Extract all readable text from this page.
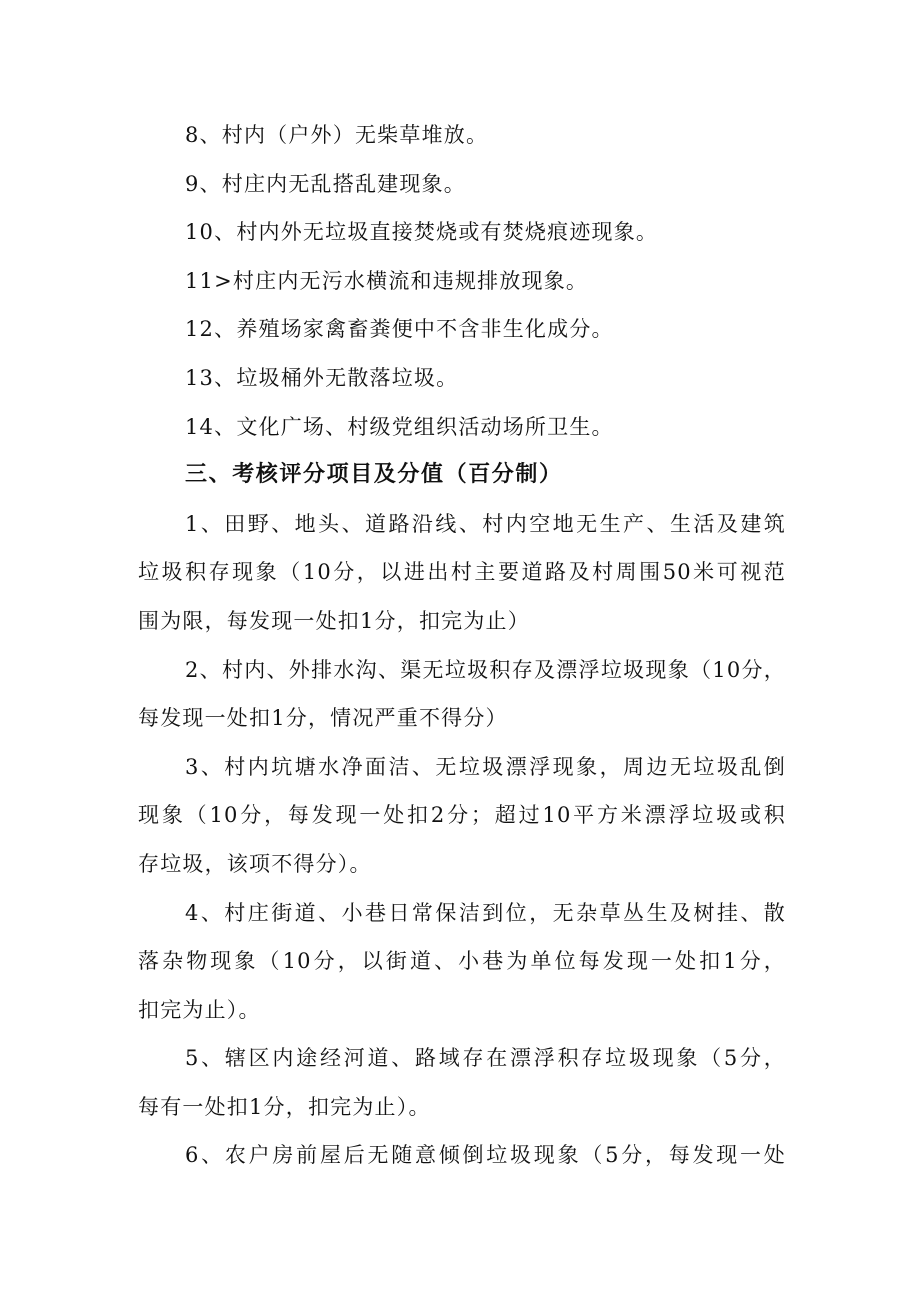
8、村内（户外）无柴草堆放。
9、村庄内无乱搭乱建现象。
10、村内外无垃圾直接焚烧或有焚烧痕迹现象。
11>村庄内无污水横流和违规排放现象。
12、养殖场家禽畜粪便中不含非生化成分。
13、垃圾桶外无散落垃圾。
14、文化广场、村级党组织活动场所卫生。
三、考核评分项目及分值（百分制）
1、田野、地头、道路沿线、村内空地无生产、生活及建筑
垃圾积存现象（10分，以进出村主要道路及村周围50米可视范
围为限，每发现一处扣1分，扣完为止）
2、村内、外排水沟、渠无垃圾积存及漂浮垃圾现象（10分，
每发现一处扣1分，情况严重不得分）
3、村内坑塘水净面洁、无垃圾漂浮现象，周边无垃圾乱倒
现象（10分，每发现一处扣2分；超过10平方米漂浮垃圾或积
存垃圾，该项不得分）。
4、村庄街道、小巷日常保洁到位，无杂草丛生及树挂、散
落杂物现象（10分，以街道、小巷为单位每发现一处扣1分，
扣完为止）。
5、辖区内途经河道、路域存在漂浮积存垃圾现象（5分，
每有一处扣1分，扣完为止）。
6、农户房前屋后无随意倾倒垃圾现象（5分，每发现一处
